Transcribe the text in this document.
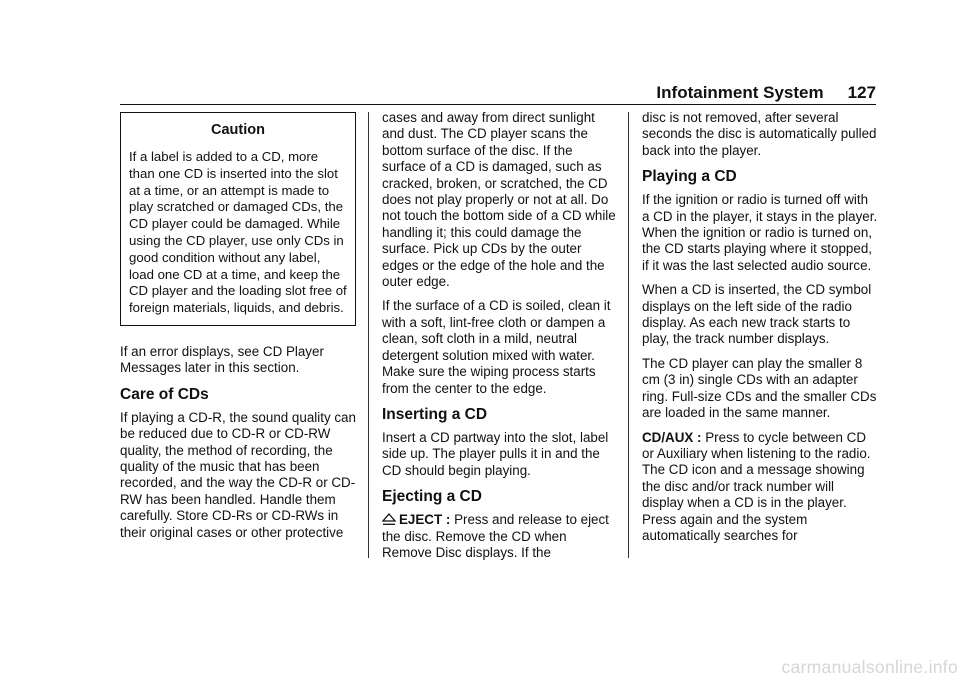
Infotainment System 127
Caution
If a label is added to a CD, more than one CD is inserted into the slot at a time, or an attempt is made to play scratched or damaged CDs, the CD player could be damaged. While using the CD player, use only CDs in good condition without any label, load one CD at a time, and keep the CD player and the loading slot free of foreign materials, liquids, and debris.

If an error displays, see CD Player Messages later in this section.

Care of CDs

If playing a CD-R, the sound quality can be reduced due to CD-R or CD-RW quality, the method of recording, the quality of the music that has been recorded, and the way the CD-R or CD-RW has been handled. Handle them carefully. Store CD-Rs or CD-RWs in their original cases or other protective

cases and away from direct sunlight and dust. The CD player scans the bottom surface of the disc. If the surface of a CD is damaged, such as cracked, broken, or scratched, the CD does not play properly or not at all. Do not touch the bottom side of a CD while handling it; this could damage the surface. Pick up CDs by the outer edges or the edge of the hole and the outer edge.

If the surface of a CD is soiled, clean it with a soft, lint-free cloth or dampen a clean, soft cloth in a mild, neutral detergent solution mixed with water. Make sure the wiping process starts from the center to the edge.

Inserting a CD

Insert a CD partway into the slot, label side up. The player pulls it in and the CD should begin playing.

Ejecting a CD

EJECT : Press and release to eject the disc. Remove the CD when Remove Disc displays. If the

disc is not removed, after several seconds the disc is automatically pulled back into the player.

Playing a CD

If the ignition or radio is turned off with a CD in the player, it stays in the player. When the ignition or radio is turned on, the CD starts playing where it stopped, if it was the last selected audio source.

When a CD is inserted, the CD symbol displays on the left side of the radio display. As each new track starts to play, the track number displays.

The CD player can play the smaller 8 cm (3 in) single CDs with an adapter ring. Full-size CDs and the smaller CDs are loaded in the same manner.

CD/AUX : Press to cycle between CD or Auxiliary when listening to the radio. The CD icon and a message showing the disc and/or track number will display when a CD is in the player. Press again and the system automatically searches for

carmanualsonline.info
